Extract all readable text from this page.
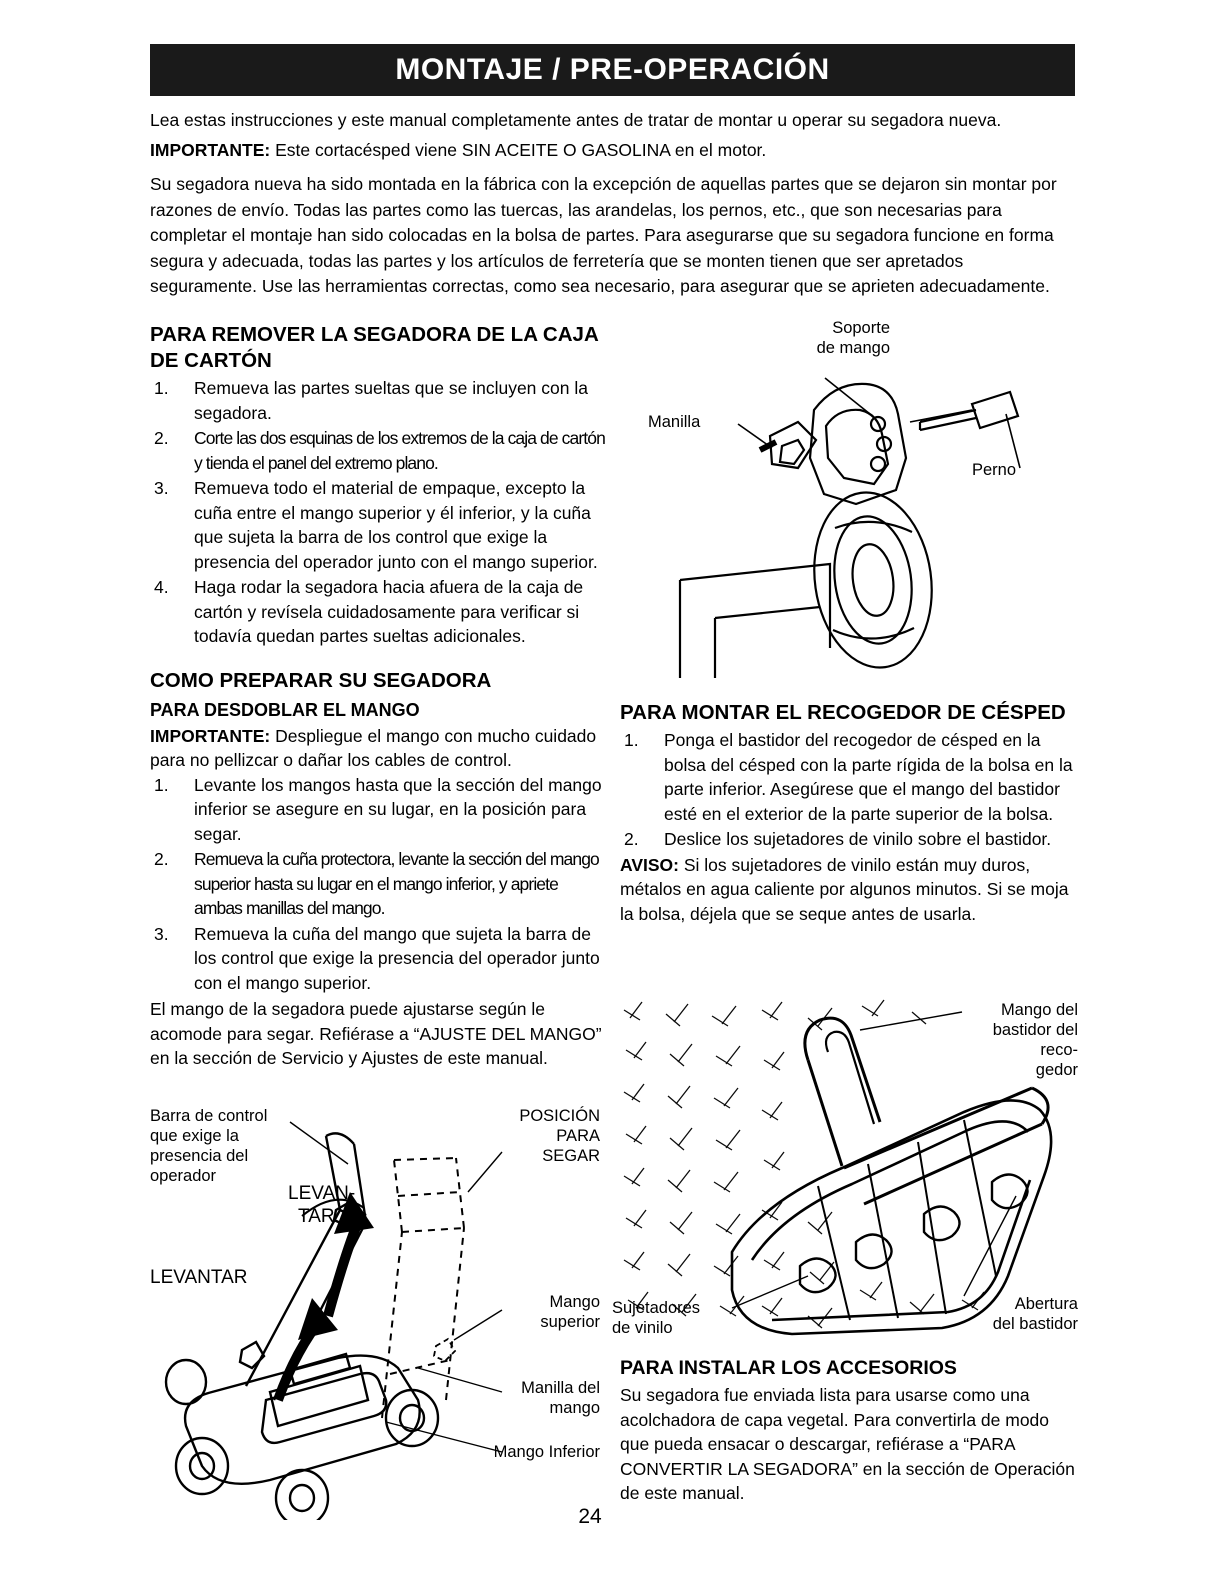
MONTAJE / PRE-OPERACIÓN

Lea estas instrucciones y este manual completamente antes de tratar de montar u operar su segadora nueva.

IMPORTANTE: Este cortacésped viene SIN ACEITE O GASOLINA en el motor.

Su segadora nueva ha sido montada en la fábrica con la excepción de aquellas partes que se dejaron sin montar por razones de envío. Todas las partes como las tuercas, las arandelas, los pernos, etc., que son necesarias para completar el montaje han sido colocadas en la bolsa de partes. Para asegurarse que su segadora funcione en forma segura y adecuada, todas las partes y los artículos de ferretería que se monten tienen que ser apretados seguramente. Use las herramientas correctas, como sea necesario, para asegurar que se aprieten adecuadamente.

PARA REMOVER LA SEGADORA DE LA CAJA DE CARTÓN
1.	Remueva las partes sueltas que se incluyen con la segadora.
2.	Corte las dos esquinas de los extremos de la caja de cartón y tienda el panel del extremo plano.
3.	Remueva todo el material de empaque, excepto la cuña entre el mango superior y él inferior, y la cuña que sujeta la barra de los control que exige la presencia del operador junto con el mango superior.
4.	Haga rodar la segadora hacia afuera de la caja de cartón y revísela cuidadosamente para verificar si todavía quedan partes sueltas adicionales.
COMO PREPARAR SU SEGADORA
PARA DESDOBLAR EL MANGO

IMPORTANTE: Despliegue el mango con mucho cuidado para no pellizcar o dañar los cables de control.

1.	Levante los mangos hasta que la sección del mango inferior se asegure en su lugar, en la posición para segar.
2.	Remueva la cuña protectora, levante la sección del mango superior hasta su lugar en el mango inferior, y apriete ambas manillas del mango.
3.	Remueva la cuña del mango que sujeta la barra de los control que exige la presencia del operador junto con el mango superior.

El mango de la segadora puede ajustarse según le acomode para segar. Refiérase a “AJUSTE DEL MANGO” en la sección de Servicio y Ajustes de este manual.

PARA MONTAR EL RECOGEDOR DE CÉSPED
1.	Ponga el bastidor del recogedor de césped en la bolsa del césped con la parte rígida de la bolsa en la parte inferior. Asegúrese que el mango del bastidor esté en el exterior de la parte superior de la bolsa.
2.	Deslice los sujetadores de vinilo sobre el bastidor.

AVISO: Si los sujetadores de vinilo están muy duros, métalos en agua caliente por algunos minutos. Si se moja la bolsa, déjela que se seque antes de usarla.

PARA INSTALAR LOS ACCESORIOS

Su segadora fue enviada lista para usarse como una acolchadora de capa vegetal. Para convertirla de modo que pueda ensacar o descargar, refiérase a “PARA CONVERTIR LA SEGADORA” en la sección de Operación de este manual.

Soporte
de mango
Manilla
Perno
Barra de control
que exige la
presencia del
operador
LEVAN-
TAR
LEVANTAR
POSICIÓN
PARA
SEGAR
Mango
superior
Manilla del
mango
Mango Inferior
Mango del
bastidor del
reco-
gedor
Sujetadores
de vinilo
Abertura
del bastidor
24
